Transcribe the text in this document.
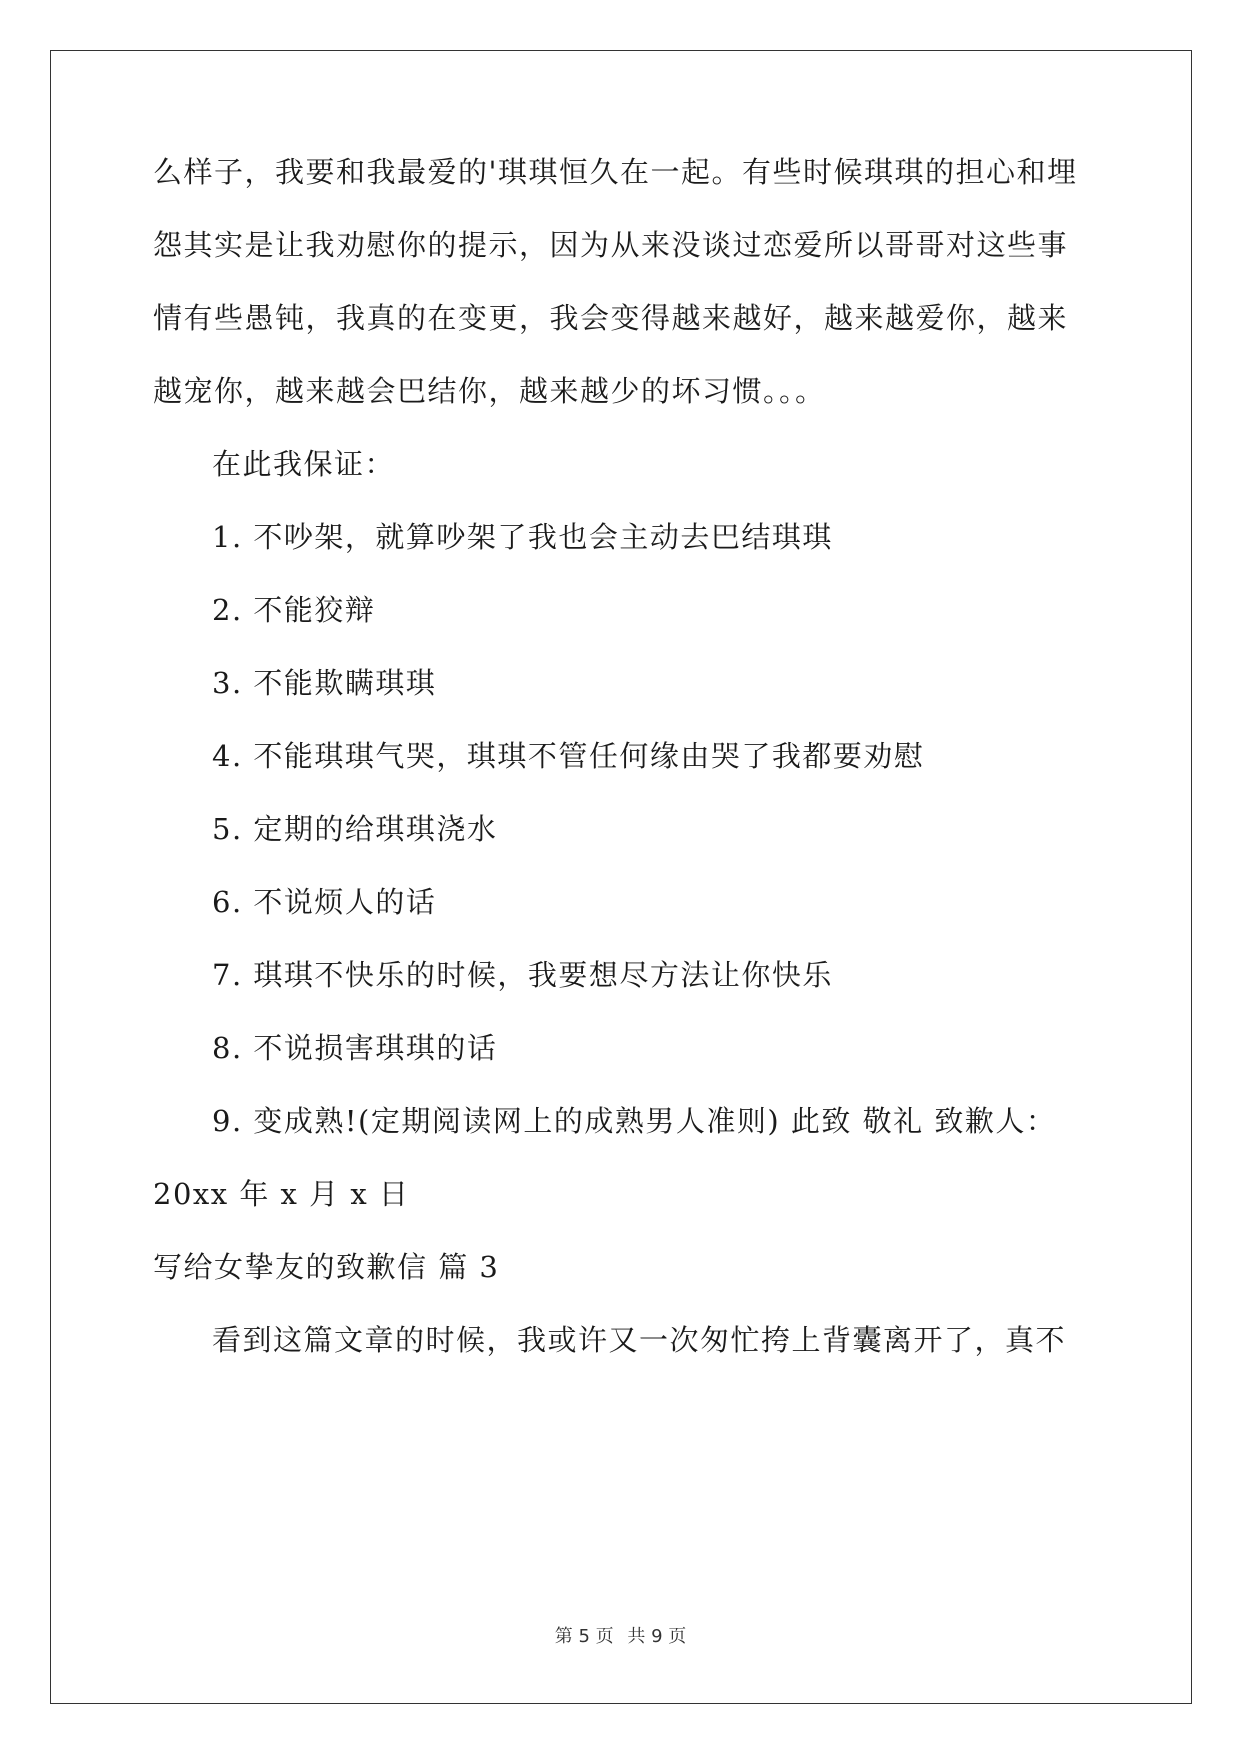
么样子，我要和我最爱的'琪琪恒久在一起。有些时候琪琪的担心和埋
怨其实是让我劝慰你的提示，因为从来没谈过恋爱所以哥哥对这些事
情有些愚钝，我真的在变更，我会变得越来越好，越来越爱你，越来
越宠你，越来越会巴结你，越来越少的坏习惯。。。
在此我保证：
1. 不吵架，就算吵架了我也会主动去巴结琪琪
2. 不能狡辩
3. 不能欺瞒琪琪
4. 不能琪琪气哭，琪琪不管任何缘由哭了我都要劝慰
5. 定期的给琪琪浇水
6. 不说烦人的话
7. 琪琪不快乐的时候，我要想尽方法让你快乐
8. 不说损害琪琪的话
9. 变成熟!(定期阅读网上的成熟男人准则) 此致 敬礼 致歉人：
20xx 年 x 月 x 日
写给女挚友的致歉信 篇 3
看到这篇文章的时候，我或许又一次匆忙挎上背囊离开了，真不
第 5 页 共 9 页
